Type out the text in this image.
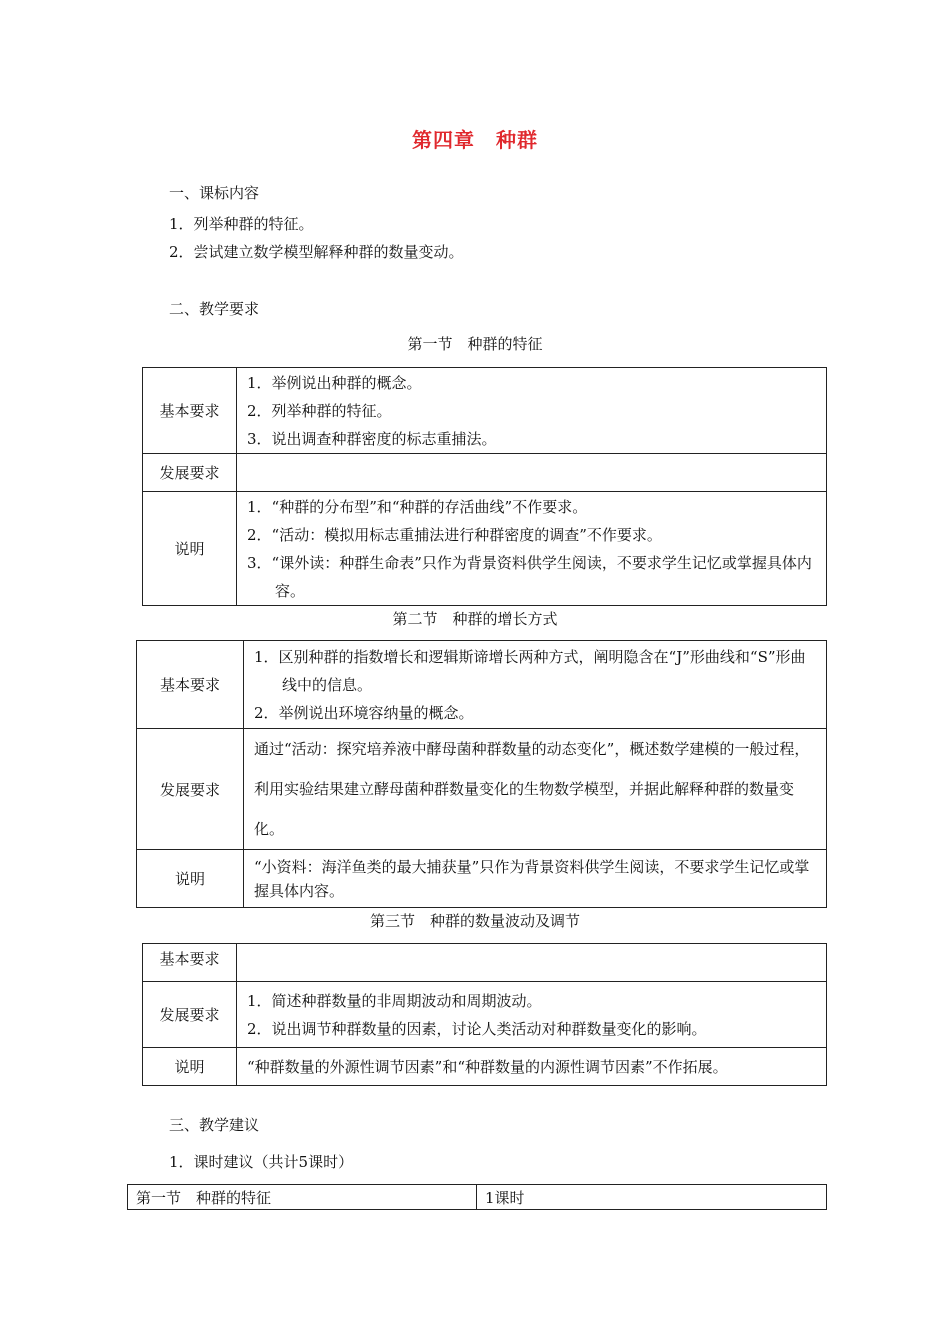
第四章　种群
一、课标内容
1．列举种群的特征。
2．尝试建立数学模型解释种群的数量变动。
二、教学要求
第一节　种群的特征
基本要求	1．举例说出种群的概念。
2．列举种群的特征。
3．说出调查种群密度的标志重捕法。

发展要求	
说明	1．“种群的分布型”和“种群的存活曲线”不作要求。
2．“活动：模拟用标志重捕法进行种群密度的调查”不作要求。
3．“课外读：种群生命表”只作为背景资料供学生阅读，不要求学生记忆或掌握具体内容。
第二节　种群的增长方式
基本要求	1．区别种群的指数增长和逻辑斯谛增长两种方式，阐明隐含在“J”形曲线和“S”形曲线中的信息。
2．举例说出环境容纳量的概念。

发展要求	通过“活动：探究培养液中酵母菌种群数量的动态变化”，概述数学建模的一般过程，利用实验结果建立酵母菌种群数量变化的生物数学模型，并据此解释种群的数量变化。

说明	“小资料：海洋鱼类的最大捕获量”只作为背景资料供学生阅读，不要求学生记忆或掌握具体内容。
第三节　种群的数量波动及调节
基本要求	
发展要求	1．简述种群数量的非周期波动和周期波动。
2．说出调节种群数量的因素，讨论人类活动对种群数量变化的影响。

说明	“种群数量的外源性调节因素”和“种群数量的内源性调节因素”不作拓展。
三、教学建议
1．课时建议（共计5课时）
第一节　种群的特征	1课时
